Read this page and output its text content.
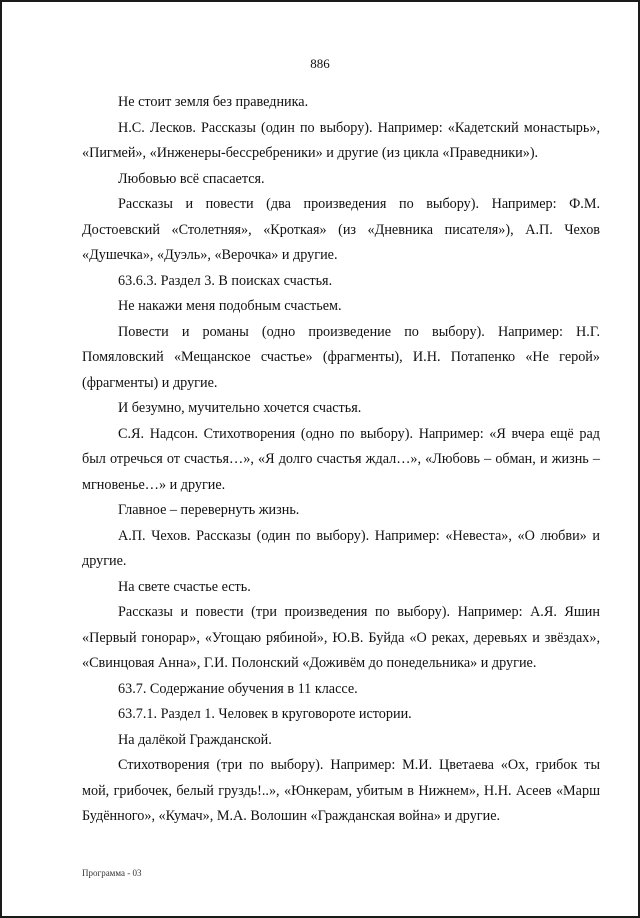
886

Не стоит земля без праведника.

Н.С. Лесков. Рассказы (один по выбору). Например: «Кадетский монастырь», «Пигмей», «Инженеры-бессребреники» и другие (из цикла «Праведники»).

Любовью всё спасается.

Рассказы и повести (два произведения по выбору). Например: Ф.М. Достоевский «Столетняя», «Кроткая» (из «Дневника писателя»), А.П. Чехов «Душечка», «Дуэль», «Верочка» и другие.

63.6.3. Раздел 3. В поисках счастья.

Не накажи меня подобным счастьем.

Повести и романы (одно произведение по выбору). Например: Н.Г. Помяловский «Мещанское счастье» (фрагменты), И.Н. Потапенко «Не герой» (фрагменты) и другие.

И безумно, мучительно хочется счастья.

С.Я. Надсон. Стихотворения (одно по выбору). Например: «Я вчера ещё рад был отречься от счастья…», «Я долго счастья ждал…», «Любовь – обман, и жизнь – мгновенье…» и другие.

Главное – перевернуть жизнь.

А.П. Чехов. Рассказы (один по выбору). Например: «Невеста», «О любви» и другие.

На свете счастье есть.

Рассказы и повести (три произведения по выбору). Например: А.Я. Яшин «Первый гонорар», «Угощаю рябиной», Ю.В. Буйда «О реках, деревьях и звёздах», «Свинцовая Анна», Г.И. Полонский «Доживём до понедельника» и другие.

63.7. Содержание обучения в 11 классе.

63.7.1. Раздел 1. Человек в круговороте истории.

На далёкой Гражданской.

Стихотворения (три по выбору). Например: М.И. Цветаева «Ох, грибок ты мой, грибочек, белый груздь!..», «Юнкерам, убитым в Нижнем», Н.Н. Асеев «Марш Будённого», «Кумач», М.А. Волошин «Гражданская война» и другие.

Программа - 03
